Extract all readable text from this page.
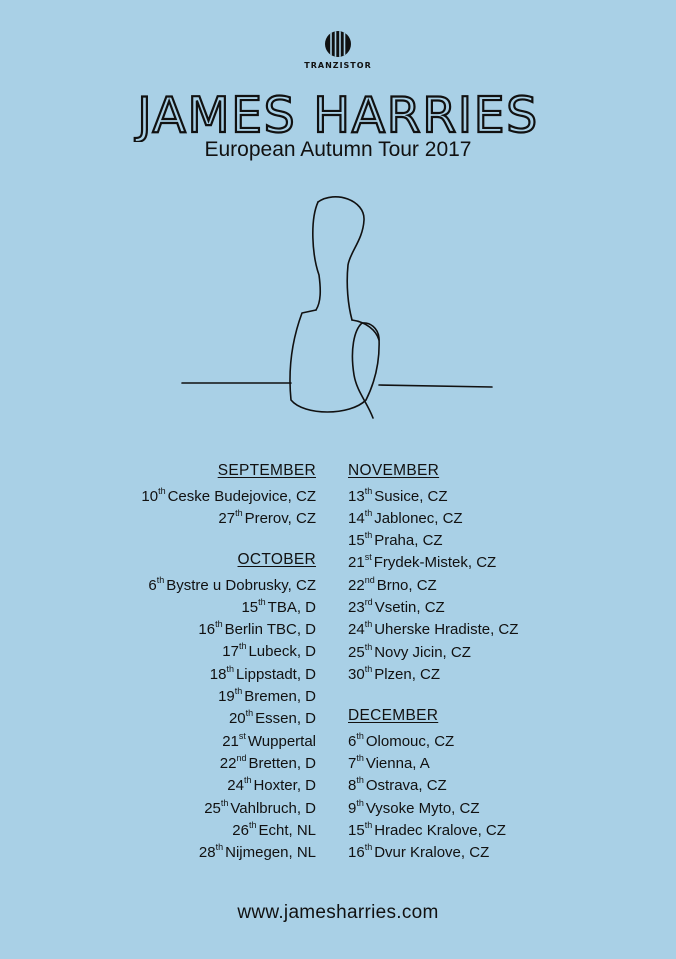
TRANZISTOR
JAMES HARRIES
European Autumn Tour 2017
SEPTEMBER
10th Ceske Budejovice, CZ
27th Prerov, CZ
OCTOBER
6th Bystre u Dobrusky, CZ
15th TBA, D
16th Berlin TBC, D
17th Lubeck, D
18th Lippstadt, D
19th Bremen, D
20th Essen, D
21st Wuppertal
22nd Bretten, D
24th Hoxter, D
25th Vahlbruch, D
26th Echt, NL
28th Nijmegen, NL
NOVEMBER
13th Susice, CZ
14th Jablonec, CZ
15th Praha, CZ
21st Frydek-Mistek, CZ
22nd Brno, CZ
23rd Vsetin, CZ
24th Uherske Hradiste, CZ
25th Novy Jicin, CZ
30th Plzen, CZ
DECEMBER
6th Olomouc, CZ
7th Vienna, A
8th Ostrava, CZ
9th Vysoke Myto, CZ
15th Hradec Kralove, CZ
16th Dvur Kralove, CZ
www.jamesharries.com
